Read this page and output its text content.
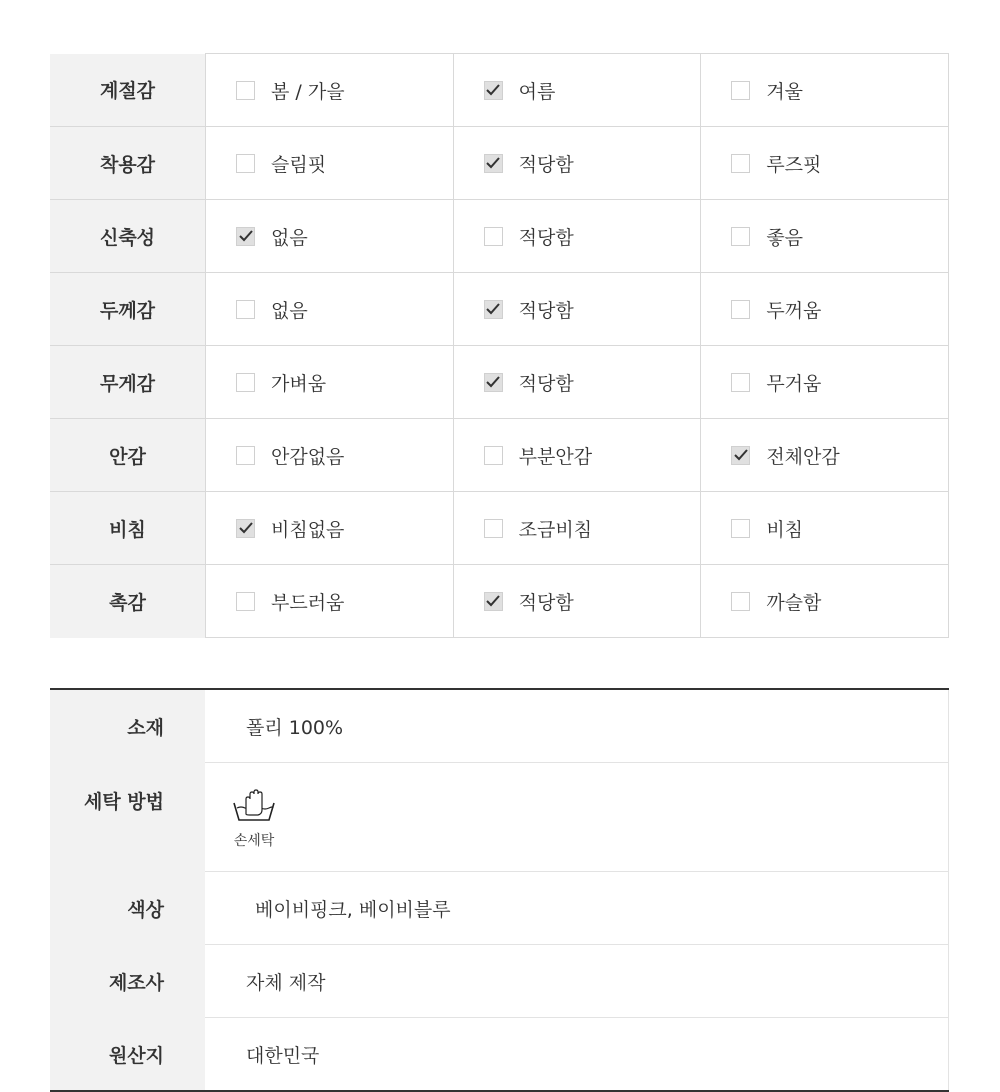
계절감	봄 / 가을	여름	겨울

착용감	슬림핏	적당함	루즈핏

신축성	없음	적당함	좋음

두께감	없음	적당함	두꺼움

무게감	가벼움	적당함	무거움

안감	안감없음	부분안감	전체안감

비침	비침없음	조금비침	비침

촉감	부드러움	적당함	까슬함
소재	폴리 100%
세탁 방법	손세탁

색상	베이비핑크, 베이비블루
제조사	자체 제작
원산지	대한민국
